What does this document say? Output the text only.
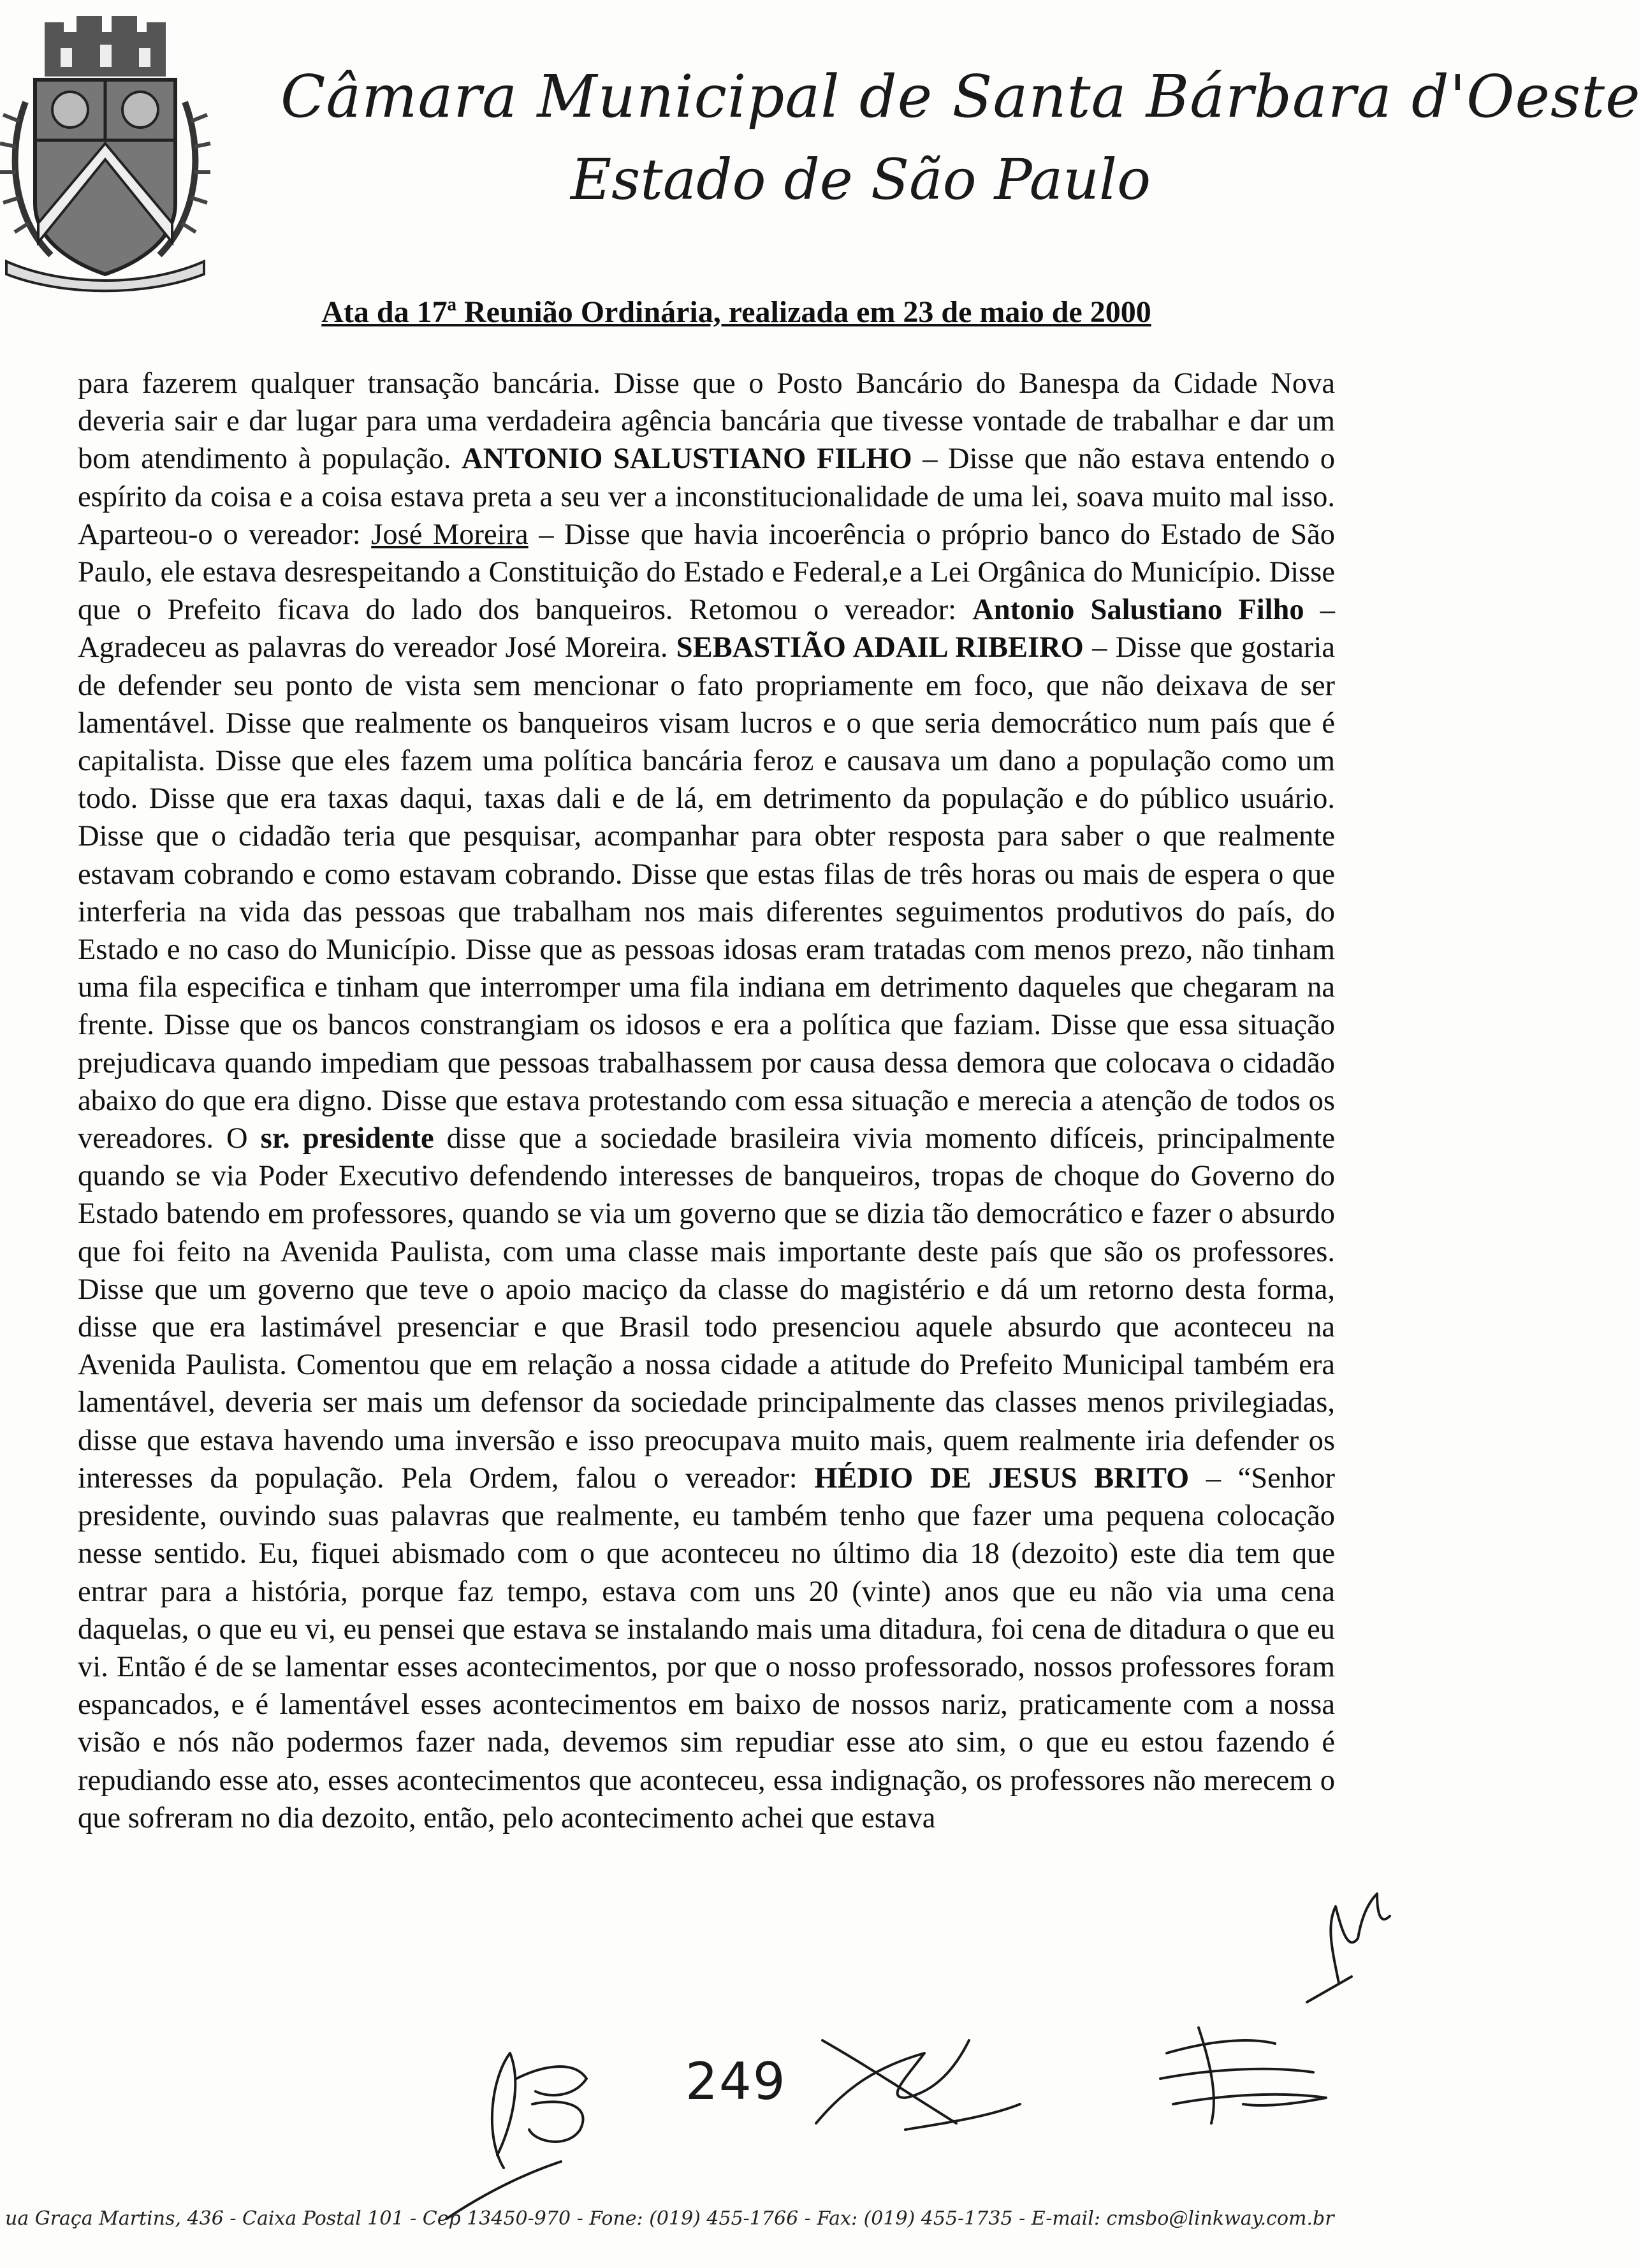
Câmara Municipal de Santa Bárbara d'Oeste
Estado de São Paulo
Ata da 17ª Reunião Ordinária, realizada em 23 de maio de 2000
para fazerem qualquer transação bancária. Disse que o Posto Bancário do Banespa da Cidade Nova deveria sair e dar lugar para uma verdadeira agência bancária que tivesse vontade de trabalhar e dar um bom atendimento à população. ANTONIO SALUSTIANO FILHO – Disse que não estava entendo o espírito da coisa e a coisa estava preta a seu ver a inconstitucionalidade de uma lei, soava muito mal isso. Aparteou-o o vereador: José Moreira – Disse que havia incoerência o próprio banco do Estado de São Paulo, ele estava desrespeitando a Constituição do Estado e Federal,e a Lei Orgânica do Município. Disse que o Prefeito ficava do lado dos banqueiros. Retomou o vereador: Antonio Salustiano Filho – Agradeceu as palavras do vereador José Moreira. SEBASTIÃO ADAIL RIBEIRO – Disse que gostaria de defender seu ponto de vista sem mencionar o fato propriamente em foco, que não deixava de ser lamentável. Disse que realmente os banqueiros visam lucros e o que seria democrático num país que é capitalista. Disse que eles fazem uma política bancária feroz e causava um dano a população como um todo. Disse que era taxas daqui, taxas dali e de lá, em detrimento da população e do público usuário. Disse que o cidadão teria que pesquisar, acompanhar para obter resposta para saber o que realmente estavam cobrando e como estavam cobrando. Disse que estas filas de três horas ou mais de espera o que interferia na vida das pessoas que trabalham nos mais diferentes seguimentos produtivos do país, do Estado e no caso do Município. Disse que as pessoas idosas eram tratadas com menos prezo, não tinham uma fila especifica e tinham que interromper uma fila indiana em detrimento daqueles que chegaram na frente. Disse que os bancos constrangiam os idosos e era a política que faziam. Disse que essa situação prejudicava quando impediam que pessoas trabalhassem por causa dessa demora que colocava o cidadão abaixo do que era digno. Disse que estava protestando com essa situação e merecia a atenção de todos os vereadores. O sr. presidente disse que a sociedade brasileira vivia momento difíceis, principalmente quando se via Poder Executivo defendendo interesses de banqueiros, tropas de choque do Governo do Estado batendo em professores, quando se via um governo que se dizia tão democrático e fazer o absurdo que foi feito na Avenida Paulista, com uma classe mais importante deste país que são os professores. Disse que um governo que teve o apoio maciço da classe do magistério e dá um retorno desta forma, disse que era lastimável presenciar e que Brasil todo presenciou aquele absurdo que aconteceu na Avenida Paulista. Comentou que em relação a nossa cidade a atitude do Prefeito Municipal também era lamentável, deveria ser mais um defensor da sociedade principalmente das classes menos privilegiadas, disse que estava havendo uma inversão e isso preocupava muito mais, quem realmente iria defender os interesses da população. Pela Ordem, falou o vereador: HÉDIO DE JESUS BRITO – “Senhor presidente, ouvindo suas palavras que realmente, eu também tenho que fazer uma pequena colocação nesse sentido. Eu, fiquei abismado com o que aconteceu no último dia 18 (dezoito) este dia tem que entrar para a história, porque faz tempo, estava com uns 20 (vinte) anos que eu não via uma cena daquelas, o que eu vi, eu pensei que estava se instalando mais uma ditadura, foi cena de ditadura o que eu vi. Então é de se lamentar esses acontecimentos, por que o nosso professorado, nossos professores foram espancados, e é lamentável esses acontecimentos em baixo de nossos nariz, praticamente com a nossa visão e nós não podermos fazer nada, devemos sim repudiar esse ato sim, o que eu estou fazendo é repudiando esse ato, esses acontecimentos que aconteceu, essa indignação, os professores não merecem o que sofreram no dia dezoito, então, pelo acontecimento achei que estava
249
ua Graça Martins, 436 - Caixa Postal 101 - Cep 13450-970 - Fone: (019) 455-1766 - Fax: (019) 455-1735 - E-mail: cmsbo@linkway.com.br
